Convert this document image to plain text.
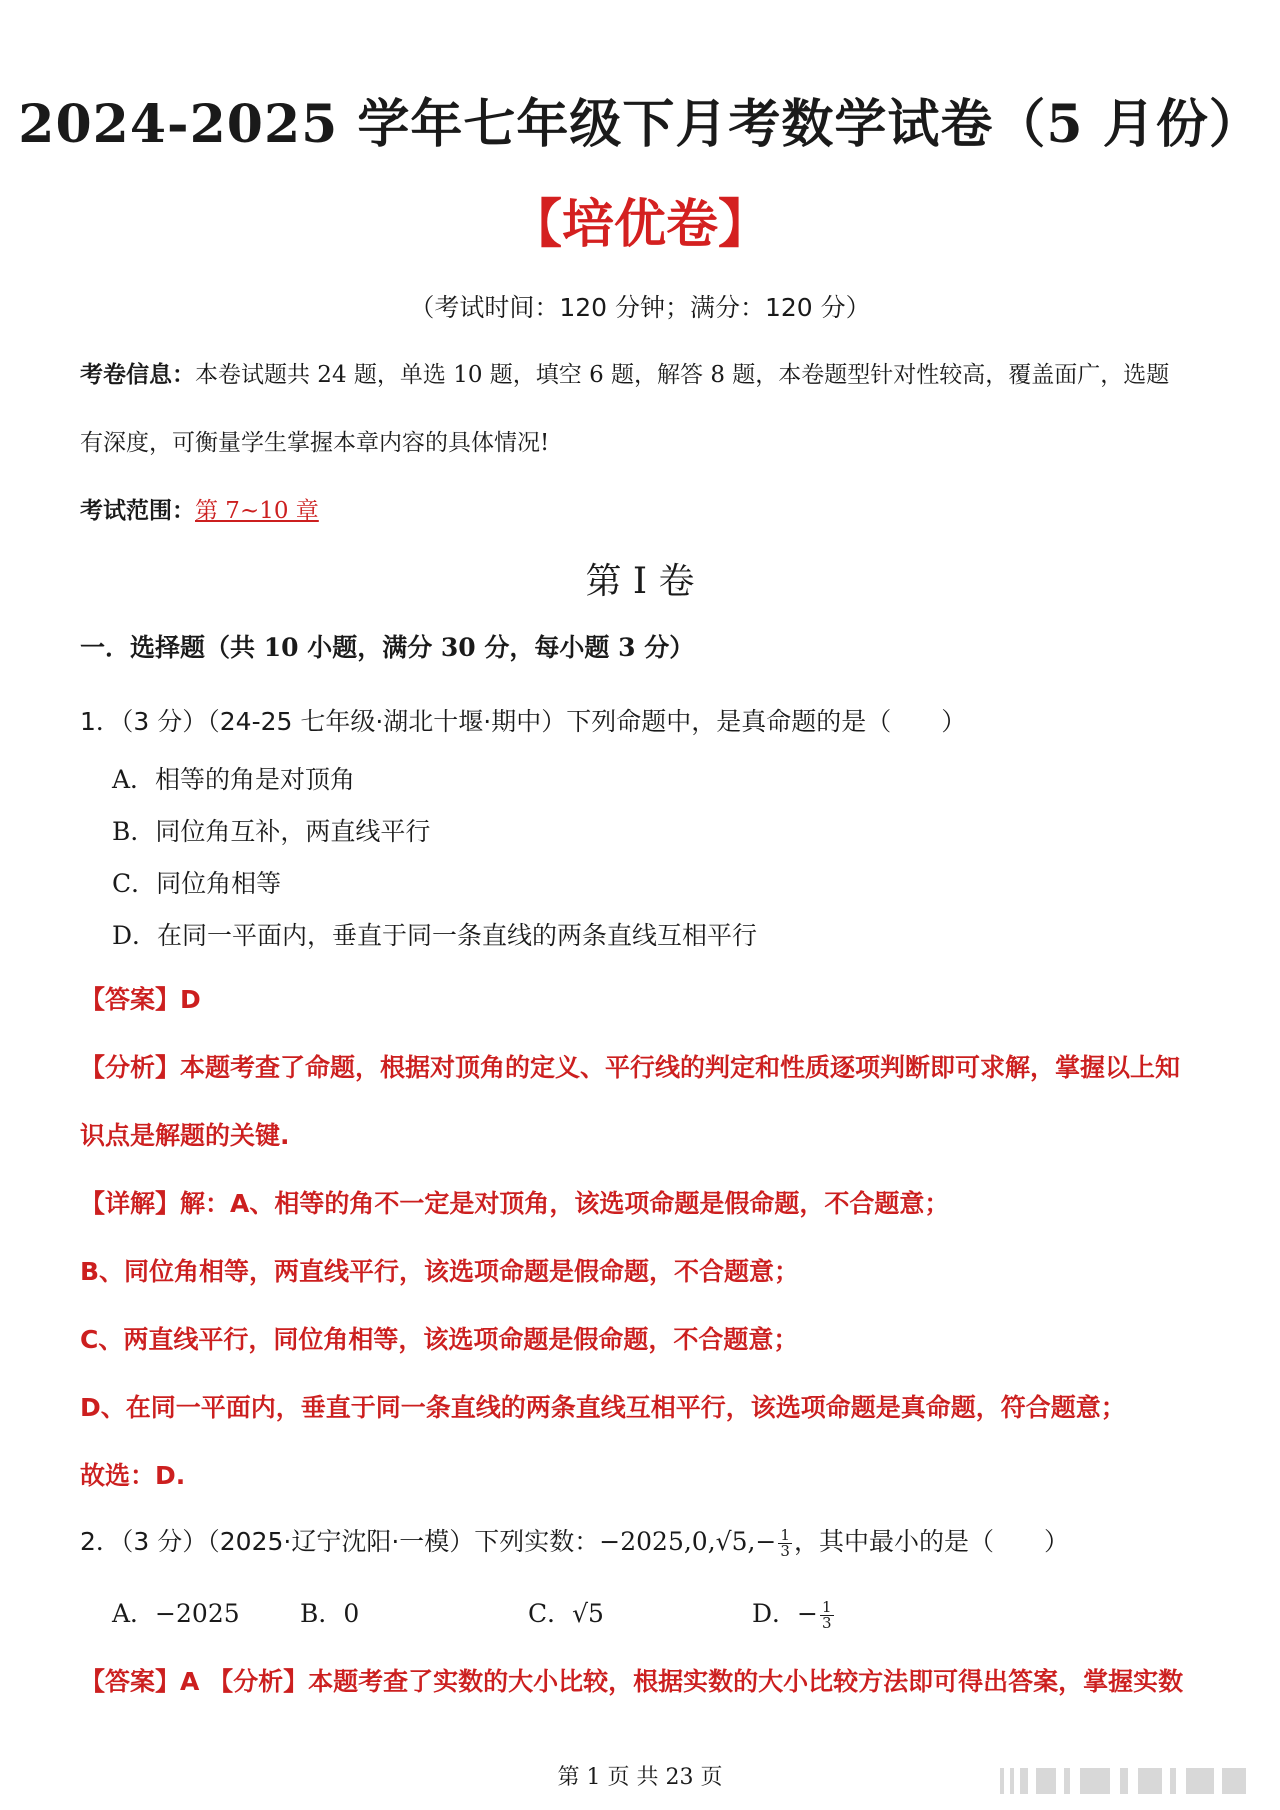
2024-2025 学年七年级下月考数学试卷（5 月份）
【培优卷】
（考试时间：120 分钟；满分：120 分）
考卷信息：本卷试题共 24 题，单选 10 题，填空 6 题，解答 8 题，本卷题型针对性较高，覆盖面广，选题
有深度，可衡量学生掌握本章内容的具体情况!
考试范围：第 7~10 章
第 I 卷
一．选择题（共 10 小题，满分 30 分，每小题 3 分）
1．（3 分）（24-25 七年级·湖北十堰·期中）下列命题中，是真命题的是（　　）
A．相等的角是对顶角
B．同位角互补，两直线平行
C．同位角相等
D．在同一平面内，垂直于同一条直线的两条直线互相平行
【答案】D
【分析】本题考查了命题，根据对顶角的定义、平行线的判定和性质逐项判断即可求解，掌握以上知
识点是解题的关键.
【详解】解：A、相等的角不一定是对顶角，该选项命题是假命题，不合题意；
B、同位角相等，两直线平行，该选项命题是假命题，不合题意；
C、两直线平行，同位角相等，该选项命题是假命题，不合题意；
D、在同一平面内，垂直于同一条直线的两条直线互相平行，该选项命题是真命题，符合题意；
故选：D.
2．（3 分）（2025·辽宁沈阳·一模）下列实数：$-2025,0,√5,- \frac{1}{3}$ ，其中最小的是（　　）
A．−2025 B．0	C．√5	D．− $\frac{1}{3}$
【答案】A 【分析】本题考查了实数的大小比较，根据实数的大小比较方法即可得出答案，掌握实数
第 1 页 共 23 页
